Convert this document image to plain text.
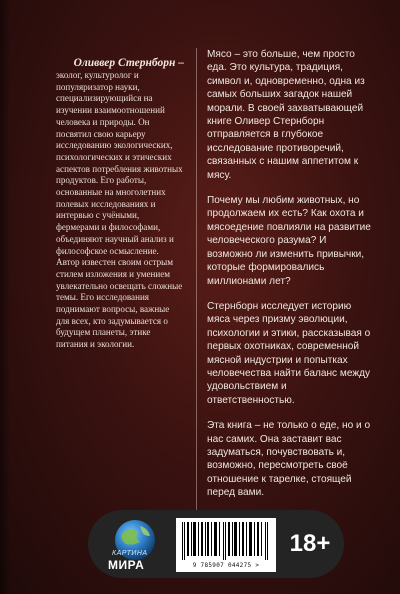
Оливвер Стернборн –

эколог, культуролог и популяризатор науки, специализирующийся на изучении взаимоотношений человека и природы. Он посвятил свою карьеру исследованию экологических, психологических и этических аспектов потребления животных продуктов. Его работы, основанные на многолетних полевых исследованиях и интервью с учёными, фермерами и философами, объединяют научный анализ и философское осмысление. Автор известен своим острым стилем изложения и умением увлекательно освещать сложные темы. Его исследования поднимают вопросы, важные для всех, кто задумывается о будущем планеты, этике питания и экологии.

Мясо – это больше, чем просто еда. Это культура, традиция, символ и, одновременно, одна из самых больших загадок нашей морали. В своей захватывающей книге Оливер Стернборн отправляется в глубокое исследование противоречий, связанных с нашим аппетитом к мясу.

Почему мы любим животных, но продолжаем их есть? Как охота и мясоедение повлияли на развитие человеческого разума? И возможно ли изменить привычки, которые формировались миллионами лет?

Стернборн исследует историю мяса через призму эволюции, психологии и этики, рассказывая о первых охотниках, современной мясной индустрии и попытках человечества найти баланс между удовольствием и ответственностью.

Эта книга – не только о еде, но и о нас самих. Она заставит вас задуматься, почувствовать и, возможно, пересмотреть своё отношение к тарелке, стоящей перед вами.

КАРТИНА
МИРА	9 785907 044275 >
18+
